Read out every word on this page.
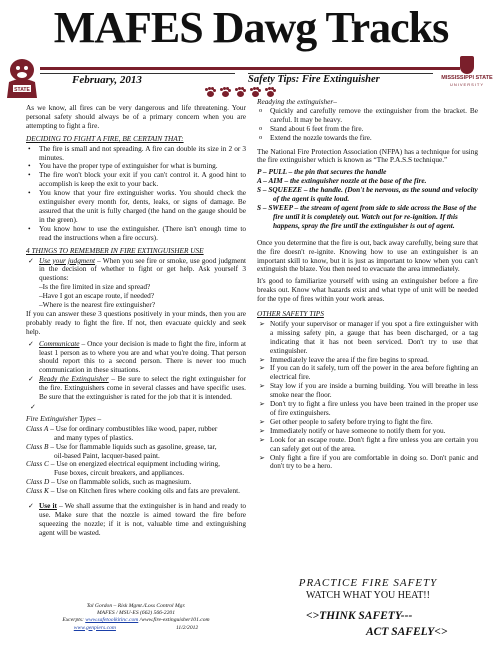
MAFES Dawg Tracks
STATE
MISSISSIPPI STATE
UNIVERSITY
February, 2013	Safety Tips: Fire Extinguisher

As we know, all fires can be very dangerous and life threatening. Your personal safety should always be of a primary concern when you are attempting to fight a fire.

DECIDING TO FIGHT A FIRE, BE CERTAIN THAT:
• The fire is small and not spreading. A fire can double its size in 2 or 3 minutes.
• You have the proper type of extinguisher for what is burning.
• The fire won't block your exit if you can't control it. A good hint to accomplish is keep the exit to your back.
• You know that your fire extinguisher works. You should check the extinguisher every month for, dents, leaks, or signs of damage. Be assured that the unit is fully charged (the hand on the gauge should be in the green).
• You know how to use the extinguisher. (There isn't enough time to read the instructions when a fire occurs).
4 THINGS TO REMEMBER IN FIRE EXTINGUISHER USE
✓ Use your judgment – When you see fire or smoke, use good judgment in the decision of whether to fight or get help. Ask yourself 3 questions:
–Is the fire limited in size and spread?
–Have I got an escape route, if needed?
–Where is the nearest fire extinguisher?

If you can answer these 3 questions positively in your minds, then you are probably ready to fight the fire. If not, then evacuate quickly and seek help.

✓ Communicate – Once your decision is made to fight the fire, inform at least 1 person as to where you are and what you're doing. That person should report this to a second person. There is never too much communication in these situations.
✓ Ready the Extinguisher – Be sure to select the right extinguisher for the fire. Extinguishers come in several classes and have specific uses. Be sure that the extinguisher is rated for the job that it is intended.
✓
Fire Extinguisher Types –
Class A – Use for ordinary combustibles like wood, paper, rubber
and many types of plastics.
Class B – Use for flammable liquids such as gasoline, grease, tar,
oil-based Paint, lacquer-based paint.
Class C – Use on energized electrical equipment including wiring,
Fuse boxes, circuit breakers, and appliances.
Class D – Use on flammable solids, such as magnesium.
Class K – Use on Kitchen fires where cooking oils and fats are prevalent.
✓ Use it – We shall assume that the extinguisher is in hand and ready to use. Make sure that the nozzle is aimed toward the fire before squeezing the nozzle; if it is not, valuable time and extinguishing agent will be wasted.
Readying the extinguisher–
o Quickly and carefully remove the extinguisher from the bracket. Be careful. It may be heavy.
o Stand about 6 feet from the fire.
o Extend the nozzle towards the fire.

The National Fire Protection Association (NFPA) has a technique for using the fire extinguisher which is known as “The P.A.S.S technique.”

P – PULL – the pin that secures the handle
A – AIM – the extinguisher nozzle at the base of the fire.
S – SQUEEZE – the handle. (Don't be nervous, as the sound and velocity of the agent is quite loud.
S – SWEEP – the stream of agent from side to side across the Base of the fire until it is completely out. Watch out for re-ignition. If this happens, spray the fire until the extinguisher is out of agent.

Once you determine that the fire is out, back away carefully, being sure that the fire doesn't re-ignite. Knowing how to use an extinguisher is an important skill to know, but it is just as important to know when you can't extinguish the blaze. You then need to evacuate the area immediately.

It's good to familiarize yourself with using an extinguisher before a fire breaks out. Know what hazards exist and what type of unit will be needed for the type of fires within your work areas.

OTHER SAFETY TIPS
➢ Notify your supervisor or manager if you spot a fire extinguisher with a missing safety pin, a gauge that has been discharged, or a tag indicating that it has not been serviced. Don't try to use that extinguisher.
➢ Immediately leave the area if the fire begins to spread.
➢ If you can do it safely, turn off the power in the area before fighting an electrical fire.
➢ Stay low if you are inside a burning building. You will breathe in less smoke near the floor.
➢ Don't try to fight a fire unless you have been trained in the proper use of fire extinguishers.
➢ Get other people to safety before trying to fight the fire.
➢ Immediately notify or have someone to notify them for you.
➢ Look for an escape route. Don't fight a fire unless you are certain you can safely get out of the area.
➢ Only fight a fire if you are comfortable in doing so. Don't panic and don't try to be a hero.
PRACTICE FIRE SAFETY
WATCH WHAT YOU HEAT!!
<>THINK SAFETY---
ACT SAFELY<>
Tal Gordon – Risk Mgmt./Loss Control Mgr.
MAFES / MSU-ES (662) 566-2201
Excerpts: www.safetoolkitinc.com /www.fire-extinguisher101.com
www.genpiers.com	11/2/2012
